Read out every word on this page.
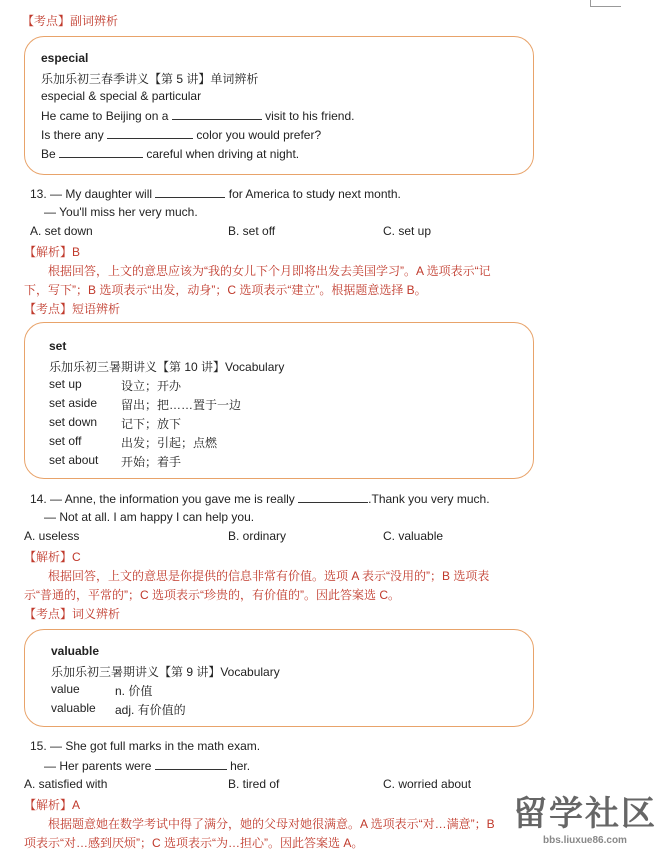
【考点】副词辨析
especial
乐加乐初三春季讲义【第 5 讲】单词辨析
especial & special & particular
He came to Beijing on a	visit to his friend.
Is there any	color you would prefer?
Be	careful when driving at night.
13. — My daughter will	for America to study next month.
— You'll miss her very much.
A. set down	B. set off	C. set up
【解析】B
根据回答，上文的意思应该为“我的女儿下个月即将出发去美国学习”。A 选项表示“记
下，写下”；B 选项表示“出发，动身”；C 选项表示“建立”。根据题意选择 B。
【考点】短语辨析
set
乐加乐初三暑期讲义【第 10 讲】Vocabulary
set up	设立；开办
set aside 留出；把……置于一边
set down 记下；放下
set off	出发；引起；点燃
set about 开始；着手
14. — Anne, the information you gave me is really	.Thank you very much.
— Not at all. I am happy I can help you.
A. useless	B. ordinary	C. valuable
【解析】C
根据回答，上文的意思是你提供的信息非常有价值。选项 A 表示“没用的”；B 选项表
示“普通的，平常的”；C 选项表示“珍贵的，有价值的”。因此答案选 C。
【考点】词义辨析
valuable
乐加乐初三暑期讲义【第 9 讲】Vocabulary
value	n. 价值
valuable adj. 有价值的
15. — She got full marks in the math exam.
— Her parents were	her.
A. satisfied with	B. tired of	C. worried about
【解析】A
根据题意她在数学考试中得了满分，她的父母对她很满意。A 选项表示“对…满意”；B
项表示“对…感到厌烦”；C 选项表示“为…担心”。因此答案选 A。
留学社区
bbs.liuxue86.com
